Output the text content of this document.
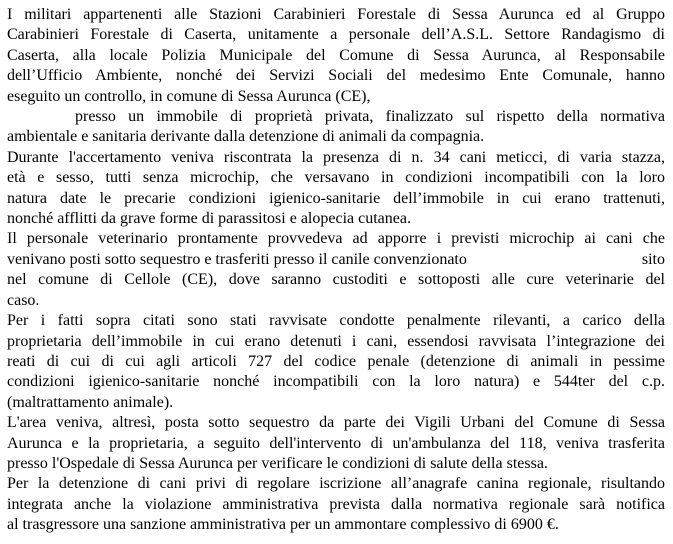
I militari appartenenti alle Stazioni Carabinieri Forestale di Sessa Aurunca ed al Gruppo
Carabinieri Forestale di Caserta, unitamente a personale dell’A.S.L. Settore Randagismo di
Caserta, alla locale Polizia Municipale del Comune di Sessa Aurunca, al Responsabile
dell’Ufficio Ambiente, nonché dei Servizi Sociali del medesimo Ente Comunale, hanno
eseguito un controllo, in comune di Sessa Aurunca (CE),
presso un immobile di proprietà privata, finalizzato sul rispetto della normativa
ambientale e sanitaria derivante dalla detenzione di animali da compagnia.
Durante l'accertamento veniva riscontrata la presenza di n. 34 cani meticci, di varia stazza,
età e sesso, tutti senza microchip, che versavano in condizioni incompatibili con la loro
natura date le precarie condizioni igienico-sanitarie dell’immobile in cui erano trattenuti,
nonché afflitti da grave forme di parassitosi e alopecia cutanea.
Il personale veterinario prontamente provvedeva ad apporre i previsti microchip ai cani che
venivano posti sotto sequestro e trasferiti presso il canile convenzionato	sito
nel comune di Cellole (CE), dove saranno custoditi e sottoposti alle cure veterinarie del
caso.
Per i fatti sopra citati sono stati ravvisate condotte penalmente rilevanti, a carico della
proprietaria dell’immobile in cui erano detenuti i cani, essendosi ravvisata l’integrazione dei
reati di cui di cui agli articoli 727 del codice penale (detenzione di animali in pessime
condizioni igienico-sanitarie nonché incompatibili con la loro natura) e 544ter del c.p.
(maltrattamento animale).
L'area veniva, altresì, posta sotto sequestro da parte dei Vigili Urbani del Comune di Sessa
Aurunca e la proprietaria, a seguito dell'intervento di un'ambulanza del 118, veniva trasferita
presso l'Ospedale di Sessa Aurunca per verificare le condizioni di salute della stessa.
Per la detenzione di cani privi di regolare iscrizione all’anagrafe canina regionale, risultando
integrata anche la violazione amministrativa prevista dalla normativa regionale sarà notifica
al trasgressore una sanzione amministrativa per un ammontare complessivo di 6900 €.
